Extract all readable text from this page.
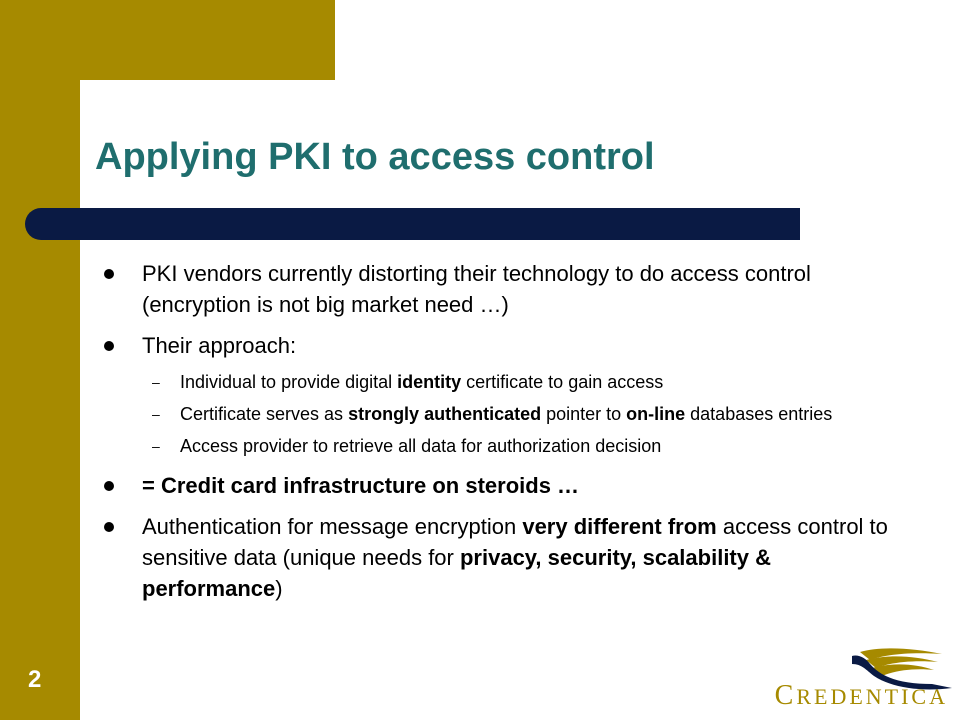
Applying PKI to access control
PKI vendors currently distorting their technology to do access control (encryption is not big market need …)
Their approach:
– Individual to provide digital identity certificate to gain access
– Certificate serves as strongly authenticated pointer to on-line databases entries
– Access provider to retrieve all data for authorization decision
= Credit card infrastructure on steroids …
Authentication for message encryption very different from access control to sensitive data (unique needs for privacy, security, scalability & performance)
2
CREDENTICA
